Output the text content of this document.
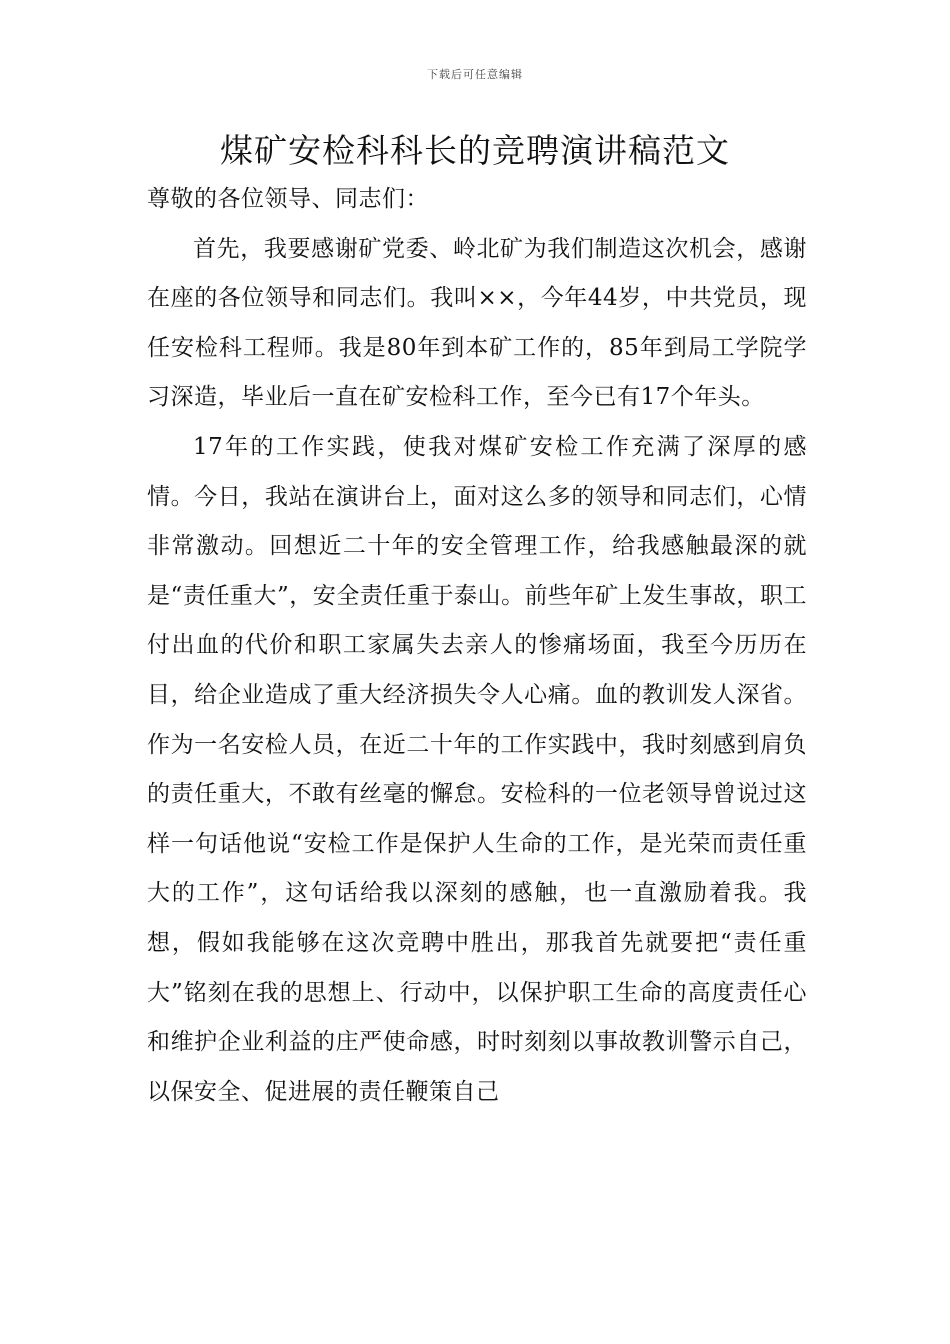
下载后可任意编辑
煤矿安检科科长的竞聘演讲稿范文

尊敬的各位领导、同志们：

首先，我要感谢矿党委、岭北矿为我们制造这次机会，感谢在座的各位领导和同志们。我叫××，今年44岁，中共党员，现任安检科工程师。我是80年到本矿工作的，85年到局工学院学习深造，毕业后一直在矿安检科工作，至今已有17个年头。

17年的工作实践，使我对煤矿安检工作充满了深厚的感情。今日，我站在演讲台上，面对这么多的领导和同志们，心情非常激动。回想近二十年的安全管理工作，给我感触最深的就是“责任重大”，安全责任重于泰山。前些年矿上发生事故，职工付出血的代价和职工家属失去亲人的惨痛场面，我至今历历在目，给企业造成了重大经济损失令人心痛。血的教训发人深省。作为一名安检人员，在近二十年的工作实践中，我时刻感到肩负的责任重大，不敢有丝毫的懈怠。安检科的一位老领导曾说过这样一句话他说“安检工作是保护人生命的工作，是光荣而责任重大的工作”，这句话给我以深刻的感触，也一直激励着我。我想，假如我能够在这次竞聘中胜出，那我首先就要把“责任重大”铭刻在我的思想上、行动中，以保护职工生命的高度责任心和维护企业利益的庄严使命感，时时刻刻以事故教训警示自己，以保安全、促进展的责任鞭策自己
